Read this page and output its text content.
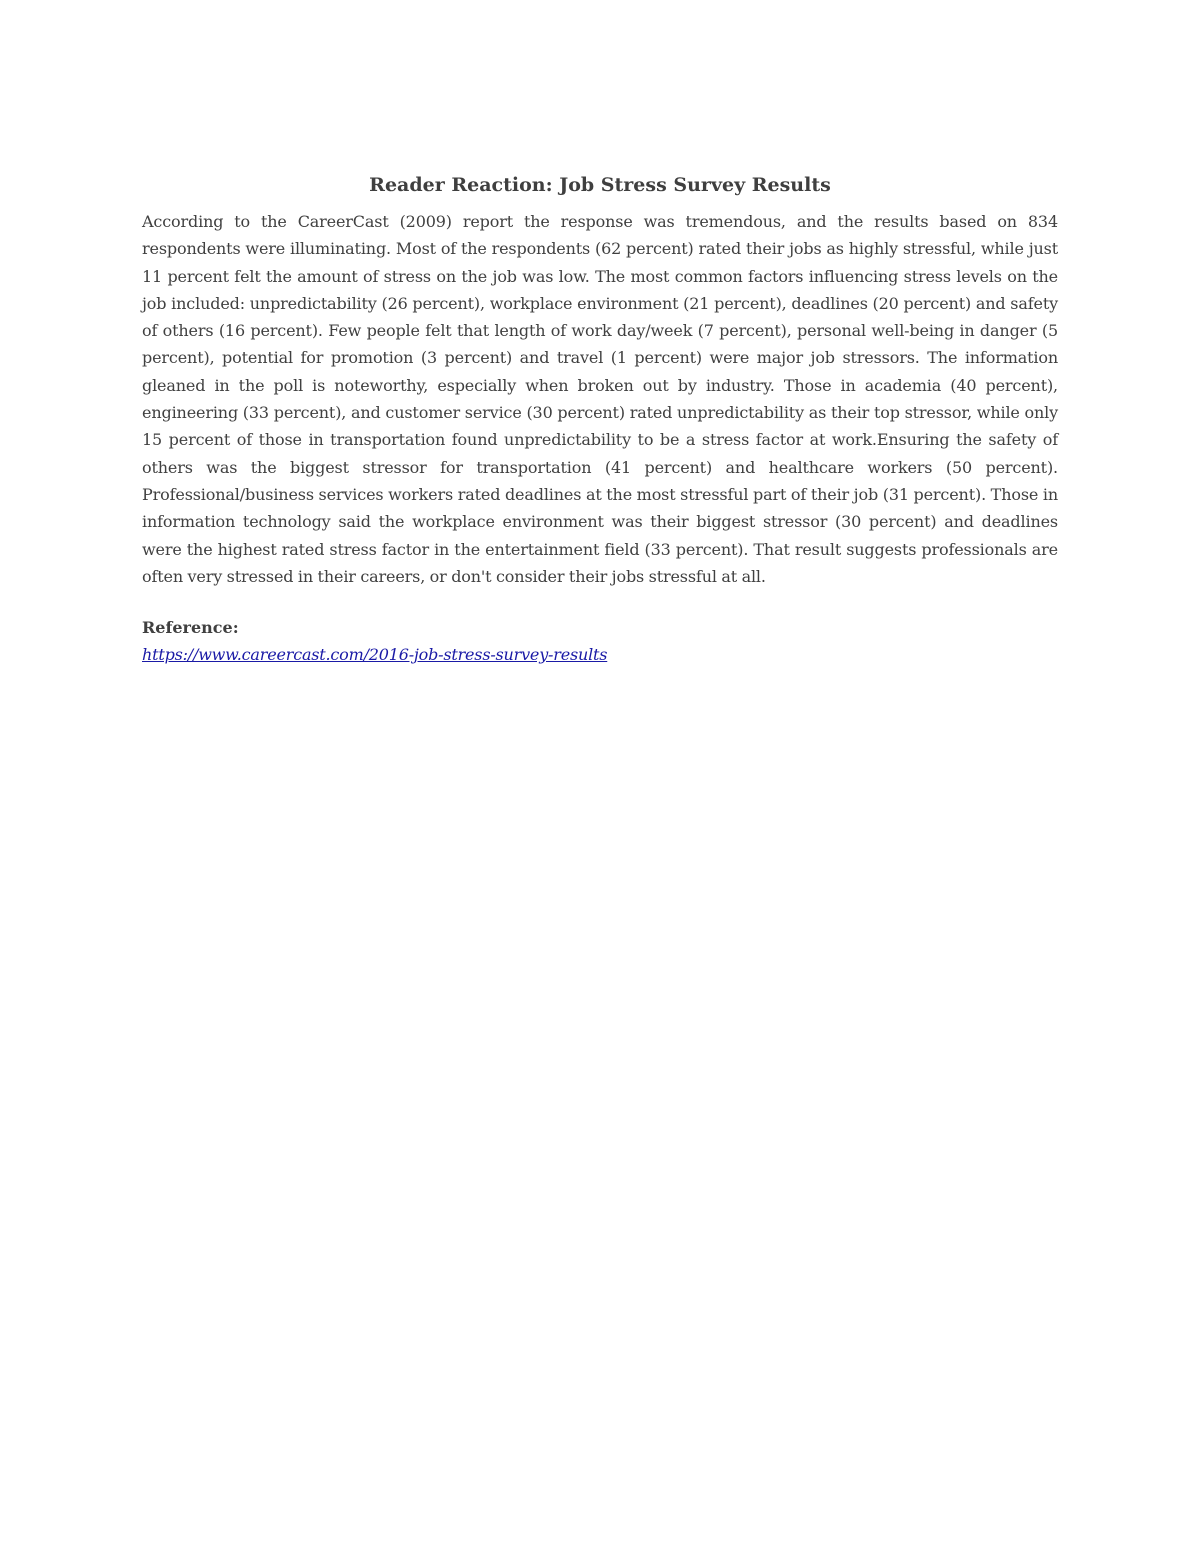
Reader Reaction: Job Stress Survey Results

According to the CareerCast (2009) report the response was tremendous, and the results based on 834 respondents were illuminating. Most of the respondents (62 percent) rated their jobs as highly stressful, while just 11 percent felt the amount of stress on the job was low. The most common factors influencing stress levels on the job included: unpredictability (26 percent), workplace environment (21 percent), deadlines (20 percent) and safety of others (16 percent). Few people felt that length of work day/week (7 percent), personal well-being in danger (5 percent), potential for promotion (3 percent) and travel (1 percent) were major job stressors. The information gleaned in the poll is noteworthy, especially when broken out by industry. Those in academia (40 percent), engineering (33 percent), and customer service (30 percent) rated unpredictability as their top stressor, while only 15 percent of those in transportation found unpredictability to be a stress factor at work.Ensuring the safety of others was the biggest stressor for transportation (41 percent) and healthcare workers (50 percent). Professional/business services workers rated deadlines at the most stressful part of their job (31 percent). Those in information technology said the workplace environment was their biggest stressor (30 percent) and deadlines were the highest rated stress factor in the entertainment field (33 percent). That result suggests professionals are often very stressed in their careers, or don't consider their jobs stressful at all.

Reference:
https://www.careercast.com/2016-job-stress-survey-results
